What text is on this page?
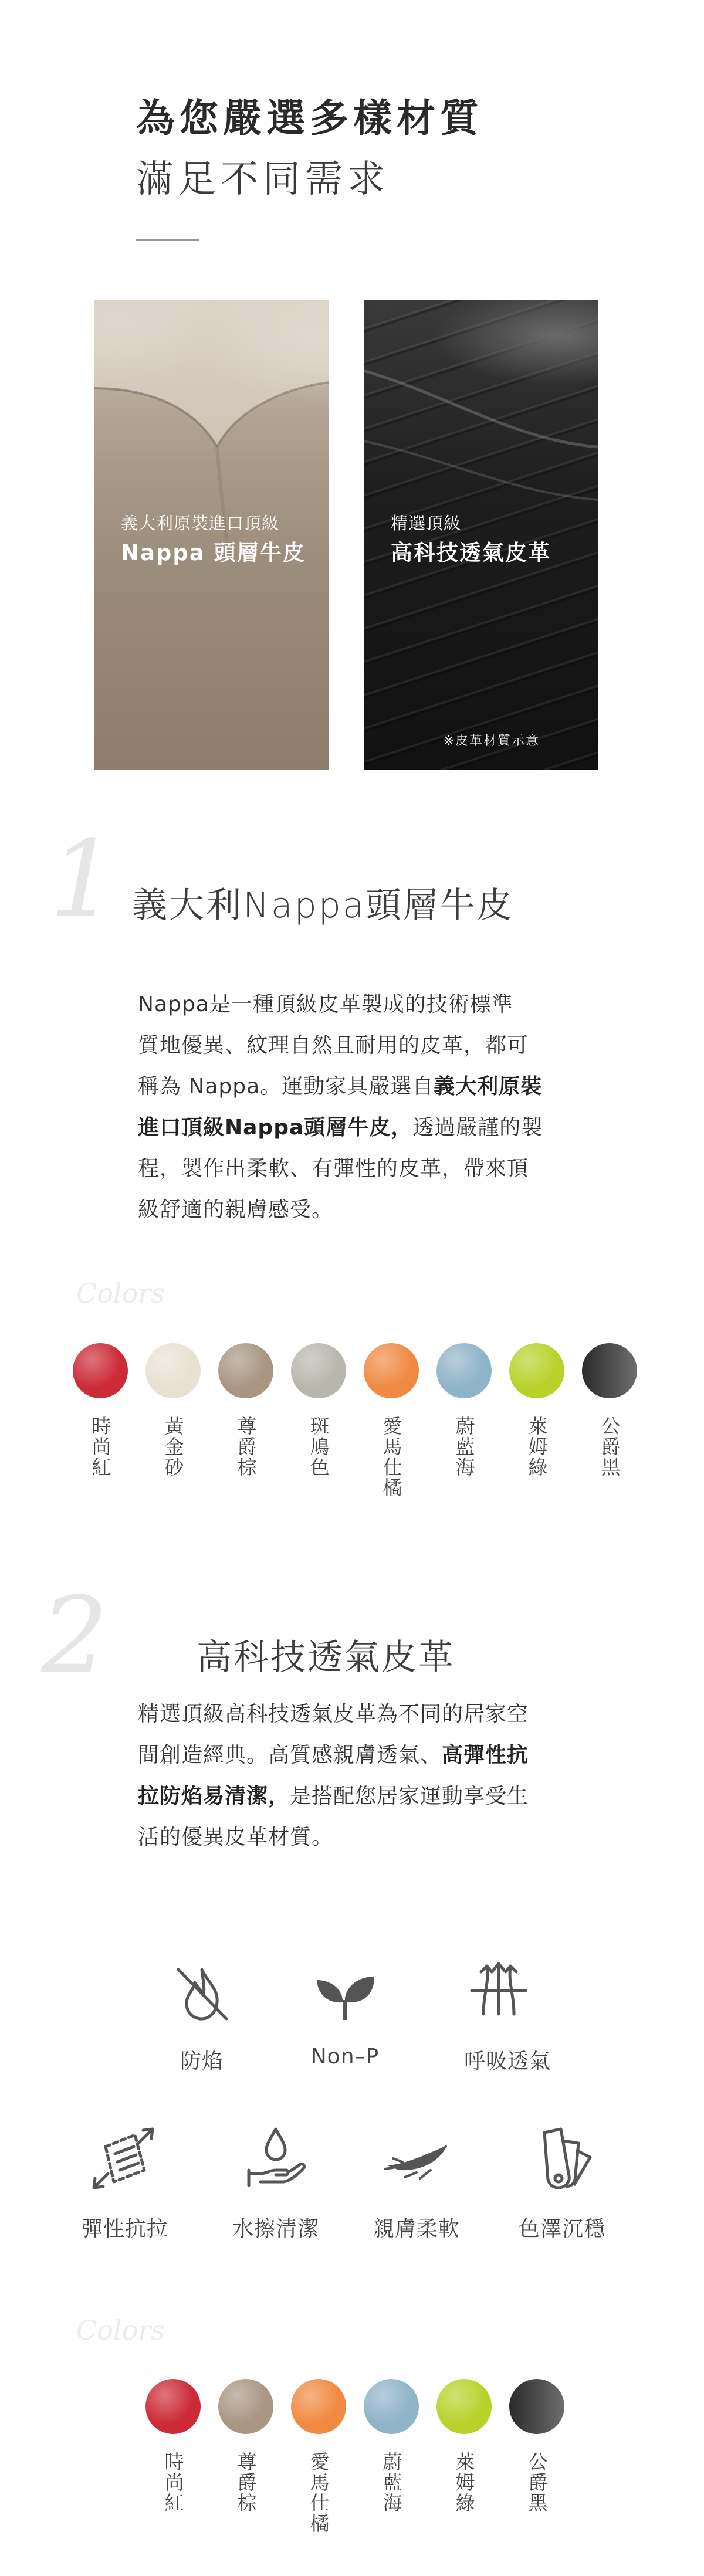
為您嚴選多樣材質
滿足不同需求
義大利原裝進口頂級
Nappa 頭層牛皮
精選頂級
高科技透氣皮革
※皮革材質示意
1 義大利Nappa頭層牛皮
Nappa是一種頂級皮革製成的技術標準
質地優異、紋理自然且耐用的皮革，都可
稱為 Nappa。運動家具嚴選自義大利原裝
進口頂級Nappa頭層牛皮，透過嚴謹的製
程，製作出柔軟、有彈性的皮革，帶來頂
級舒適的親膚感受。
Colors
時尚紅	黃金砂	尊爵棕	斑鳩色	愛馬仕橘	蔚藍海	萊姆綠	公爵黑
2	高科技透氣皮革
精選頂級高科技透氣皮革為不同的居家空
間創造經典。高質感親膚透氣、高彈性抗
拉防焰易清潔，是搭配您居家運動享受生
活的優異皮革材質。
防焰	Non–P	呼吸透氣
彈性抗拉	水擦清潔	親膚柔軟	色澤沉穩
Colors
時尚紅	尊爵棕	愛馬仕橘	蔚藍海	萊姆綠	公爵黑
